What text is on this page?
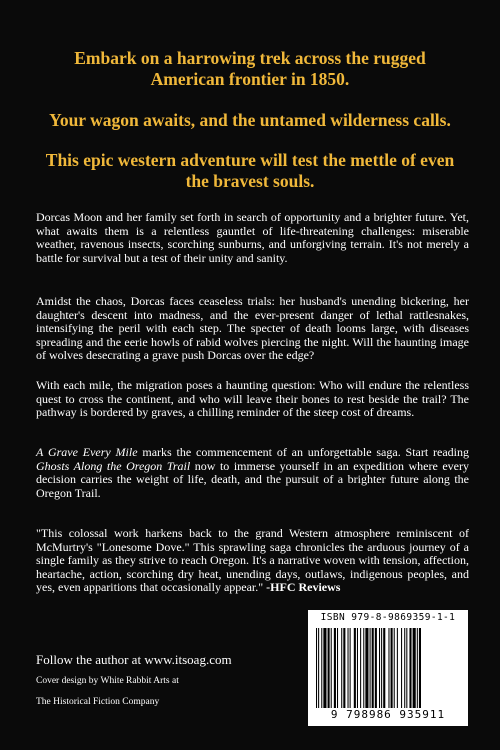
Embark on a harrowing trek across the rugged American frontier in 1850.
Your wagon awaits, and the untamed wilderness calls.
This epic western adventure will test the mettle of even the bravest souls.

Dorcas Moon and her family set forth in search of opportunity and a brighter future. Yet, what awaits them is a relentless gauntlet of life-threatening challenges: miserable weather, ravenous insects, scorching sunburns, and unforgiving terrain. It's not merely a battle for survival but a test of their unity and sanity.

Amidst the chaos, Dorcas faces ceaseless trials: her husband's unending bickering, her daughter's descent into madness, and the ever-present danger of lethal rattlesnakes, intensifying the peril with each step. The specter of death looms large, with diseases spreading and the eerie howls of rabid wolves piercing the night. Will the haunting image of wolves desecrating a grave push Dorcas over the edge?

With each mile, the migration poses a haunting question: Who will endure the relentless quest to cross the continent, and who will leave their bones to rest beside the trail? The pathway is bordered by graves, a chilling reminder of the steep cost of dreams.

A Grave Every Mile marks the commencement of an unforgettable saga. Start reading Ghosts Along the Oregon Trail now to immerse yourself in an expedition where every decision carries the weight of life, death, and the pursuit of a brighter future along the Oregon Trail.

"This colossal work harkens back to the grand Western atmosphere reminiscent of McMurtry's "Lonesome Dove." This sprawling saga chronicles the arduous journey of a single family as they strive to reach Oregon. It's a narrative woven with tension, affection, heartache, action, scorching dry heat, unending days, outlaws, indigenous peoples, and yes, even apparitions that occasionally appear." -HFC Reviews

Follow the author at www.itsoag.com
Cover design by White Rabbit Arts at
The Historical Fiction Company
ISBN 979-8-9869359-1-1
9 798986 935911
